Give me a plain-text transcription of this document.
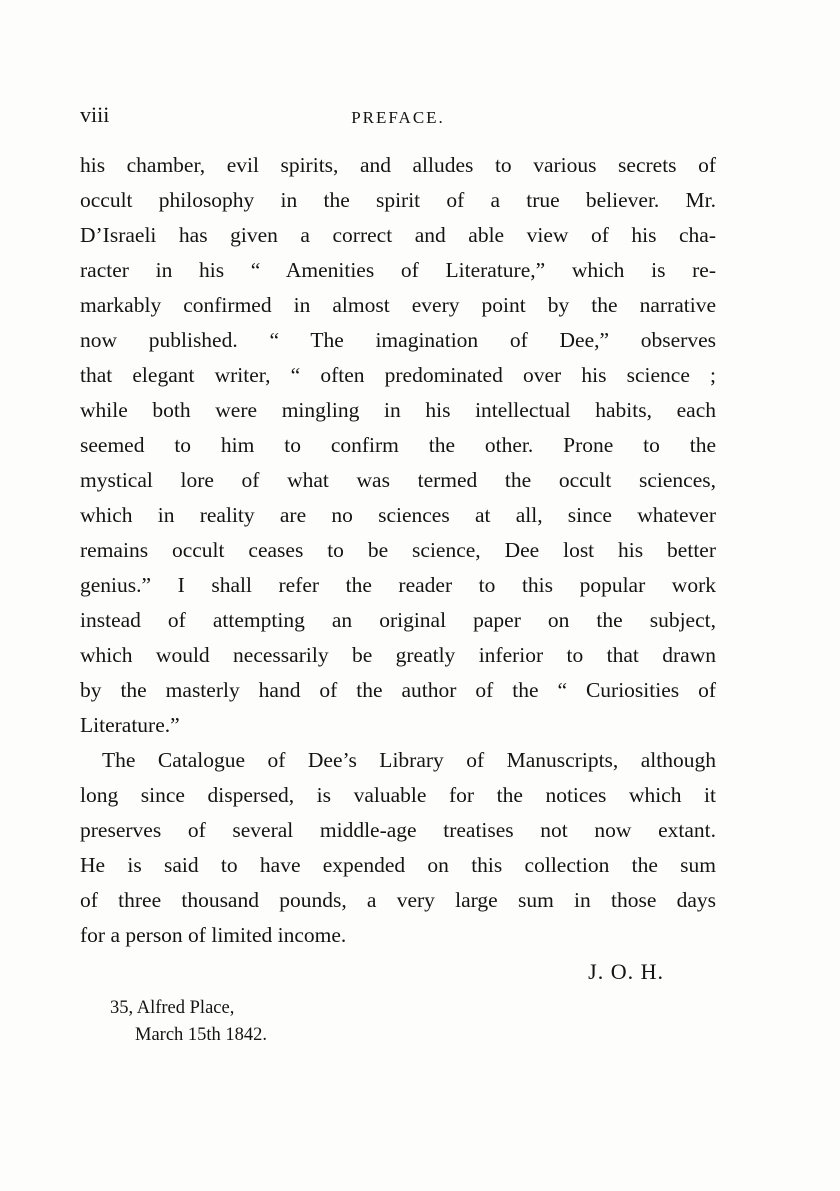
viii	PREFACE.
his chamber, evil spirits, and alludes to various secrets of
occult philosophy in the spirit of a true believer. Mr.
D’Israeli has given a correct and able view of his cha-
racter in his “ Amenities of Literature,” which is re-
markably confirmed in almost every point by the narrative
now published. “ The imagination of Dee,” observes
that elegant writer, “ often predominated over his science ;
while both were mingling in his intellectual habits, each
seemed to him to confirm the other. Prone to the
mystical lore of what was termed the occult sciences,
which in reality are no sciences at all, since whatever
remains occult ceases to be science, Dee lost his better
genius.” I shall refer the reader to this popular work
instead of attempting an original paper on the subject,
which would necessarily be greatly inferior to that drawn
by the masterly hand of the author of the “ Curiosities of
Literature.”
The Catalogue of Dee’s Library of Manuscripts, although
long since dispersed, is valuable for the notices which it
preserves of several middle-age treatises not now extant.
He is said to have expended on this collection the sum
of three thousand pounds, a very large sum in those days
for a person of limited income.
J. O. H.
35, Alfred Place,
March 15th 1842.
